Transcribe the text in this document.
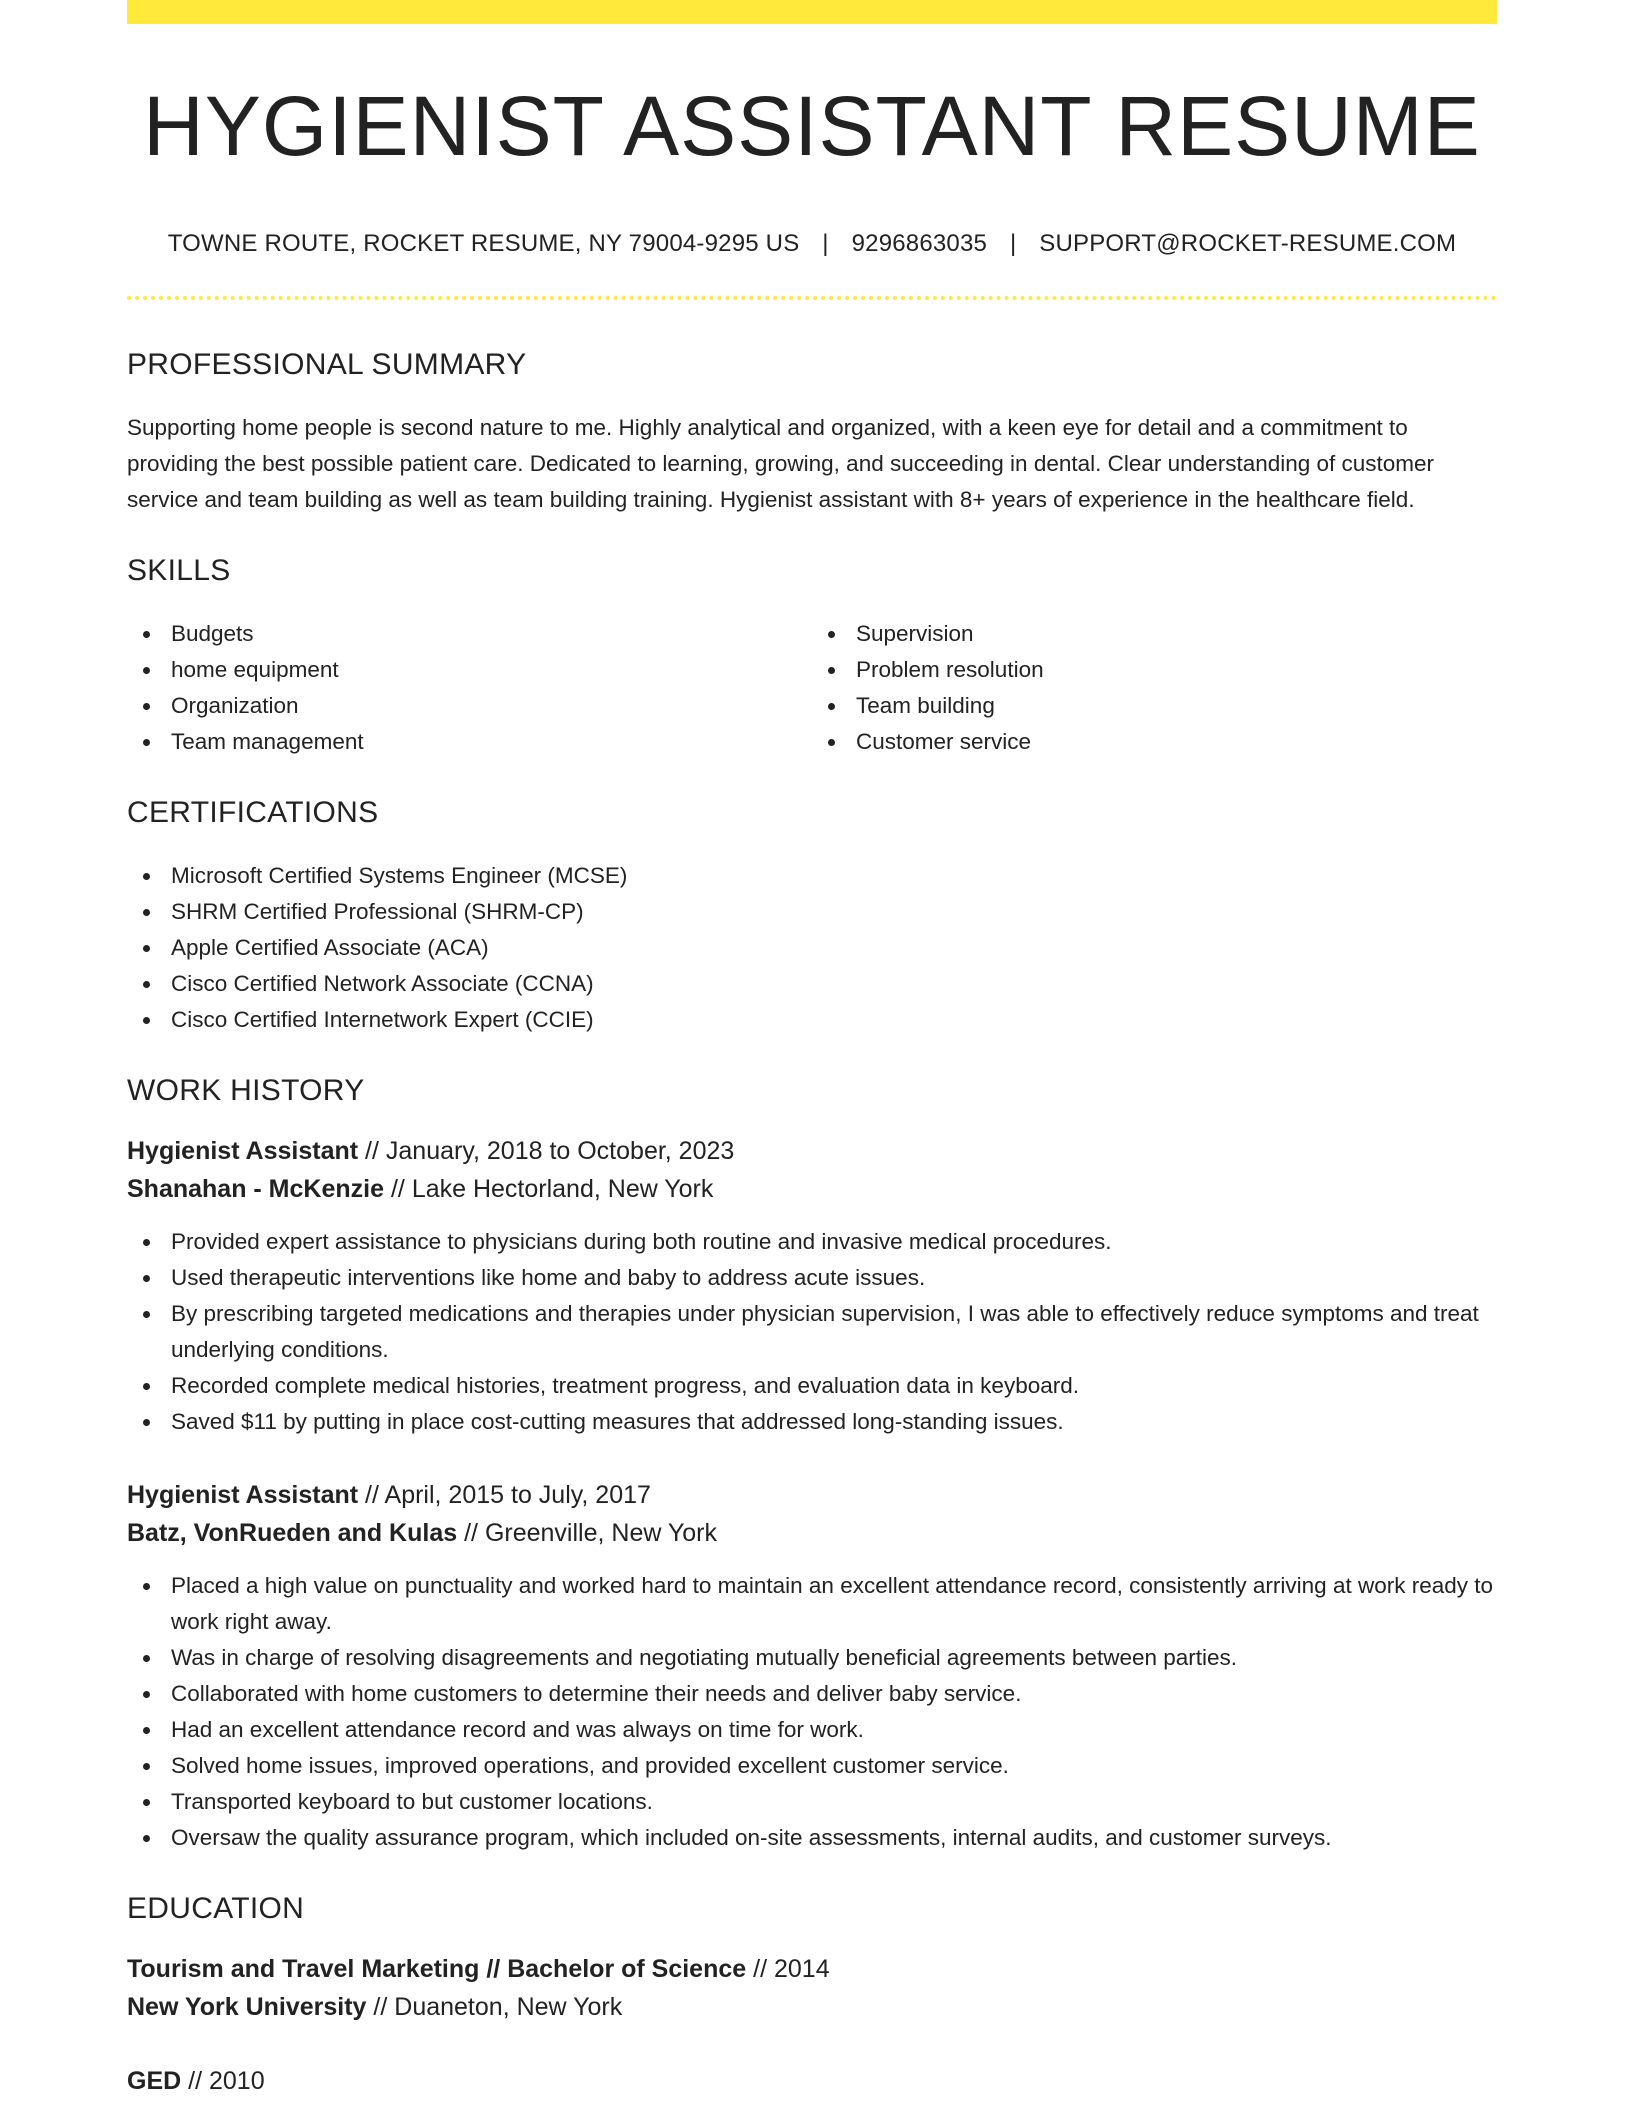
HYGIENIST ASSISTANT RESUME
TOWNE ROUTE, ROCKET RESUME, NY 79004-9295 US | 9296863035 | SUPPORT@ROCKET-RESUME.COM
PROFESSIONAL SUMMARY

Supporting home people is second nature to me. Highly analytical and organized, with a keen eye for detail and a commitment to providing the best possible patient care. Dedicated to learning, growing, and succeeding in dental. Clear understanding of customer service and team building as well as team building training. Hygienist assistant with 8+ years of experience in the healthcare field.

SKILLS
Budgets
home equipment
Organization
Team management
Supervision
Problem resolution
Team building
Customer service
CERTIFICATIONS
Microsoft Certified Systems Engineer (MCSE)
SHRM Certified Professional (SHRM-CP)
Apple Certified Associate (ACA)
Cisco Certified Network Associate (CCNA)
Cisco Certified Internetwork Expert (CCIE)
WORK HISTORY
Hygienist Assistant // January, 2018 to October, 2023
Shanahan - McKenzie // Lake Hectorland, New York
Provided expert assistance to physicians during both routine and invasive medical procedures.
Used therapeutic interventions like home and baby to address acute issues.
By prescribing targeted medications and therapies under physician supervision, I was able to effectively reduce symptoms and treat underlying conditions.
Recorded complete medical histories, treatment progress, and evaluation data in keyboard.
Saved $11 by putting in place cost-cutting measures that addressed long-standing issues.
Hygienist Assistant // April, 2015 to July, 2017
Batz, VonRueden and Kulas // Greenville, New York
Placed a high value on punctuality and worked hard to maintain an excellent attendance record, consistently arriving at work ready to work right away.
Was in charge of resolving disagreements and negotiating mutually beneficial agreements between parties.
Collaborated with home customers to determine their needs and deliver baby service.
Had an excellent attendance record and was always on time for work.
Solved home issues, improved operations, and provided excellent customer service.
Transported keyboard to but customer locations.
Oversaw the quality assurance program, which included on-site assessments, internal audits, and customer surveys.
EDUCATION
Tourism and Travel Marketing // Bachelor of Science // 2014
New York University // Duaneton, New York
GED // 2010
